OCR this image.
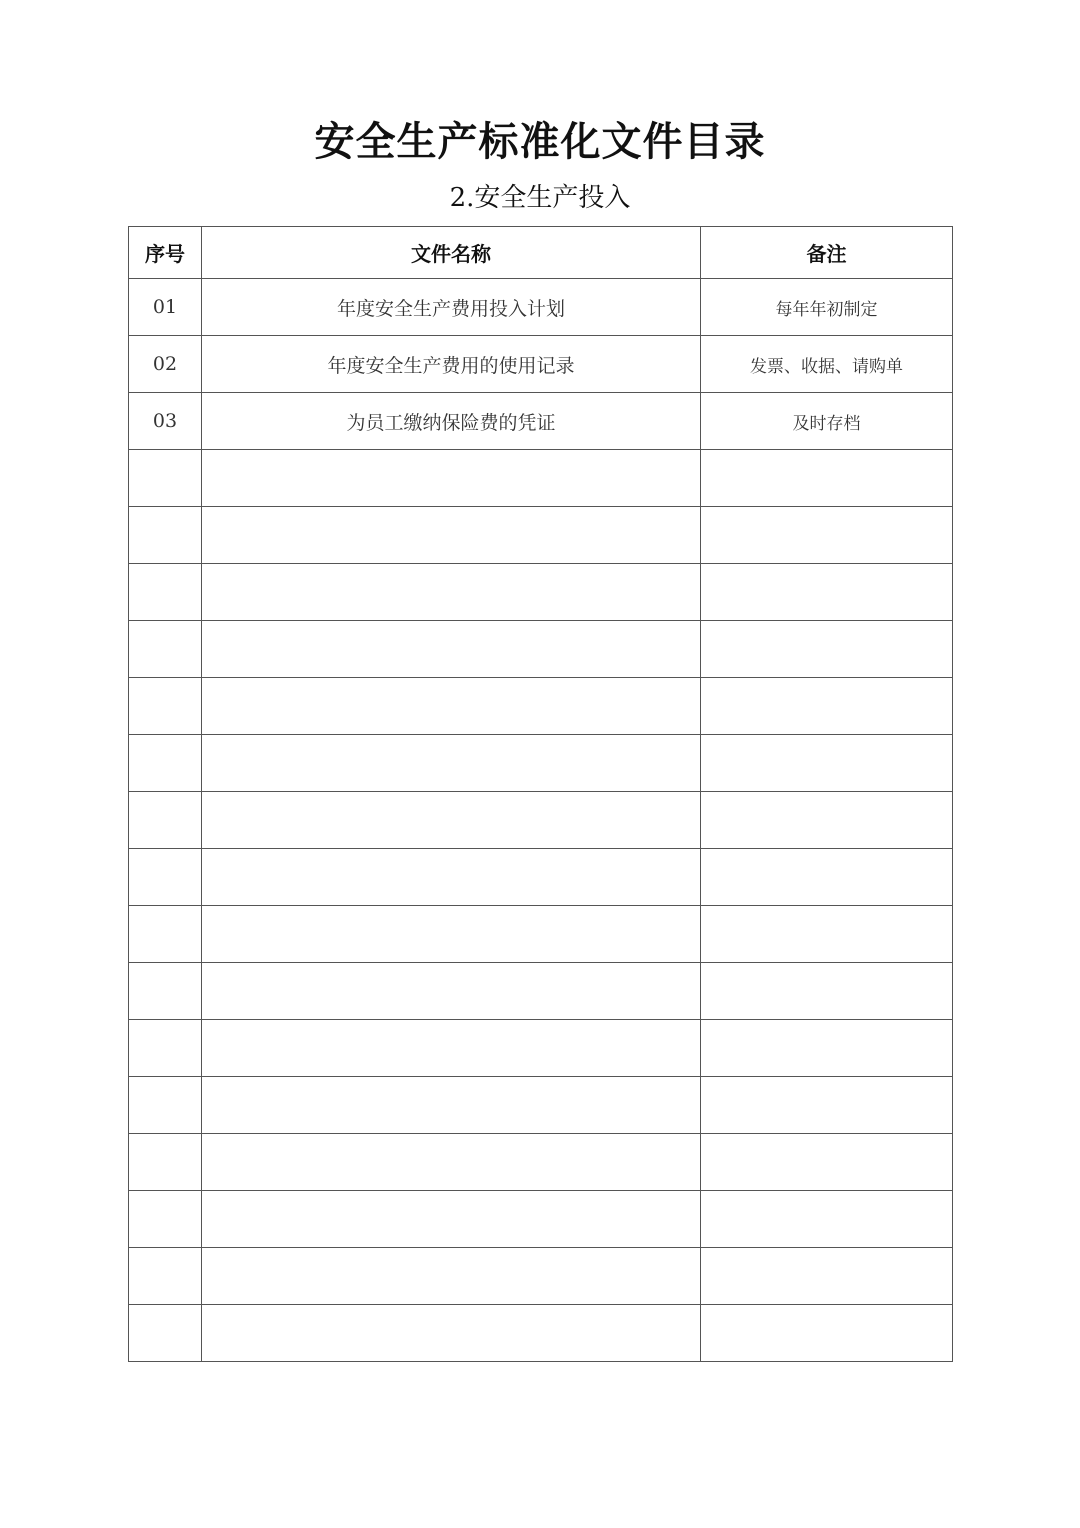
安全生产标准化文件目录
2.安全生产投入
序号	文件名称	备注
01	年度安全生产费用投入计划	每年年初制定
02	年度安全生产费用的使用记录	发票、收据、请购单
03	为员工缴纳保险费的凭证	及时存档
